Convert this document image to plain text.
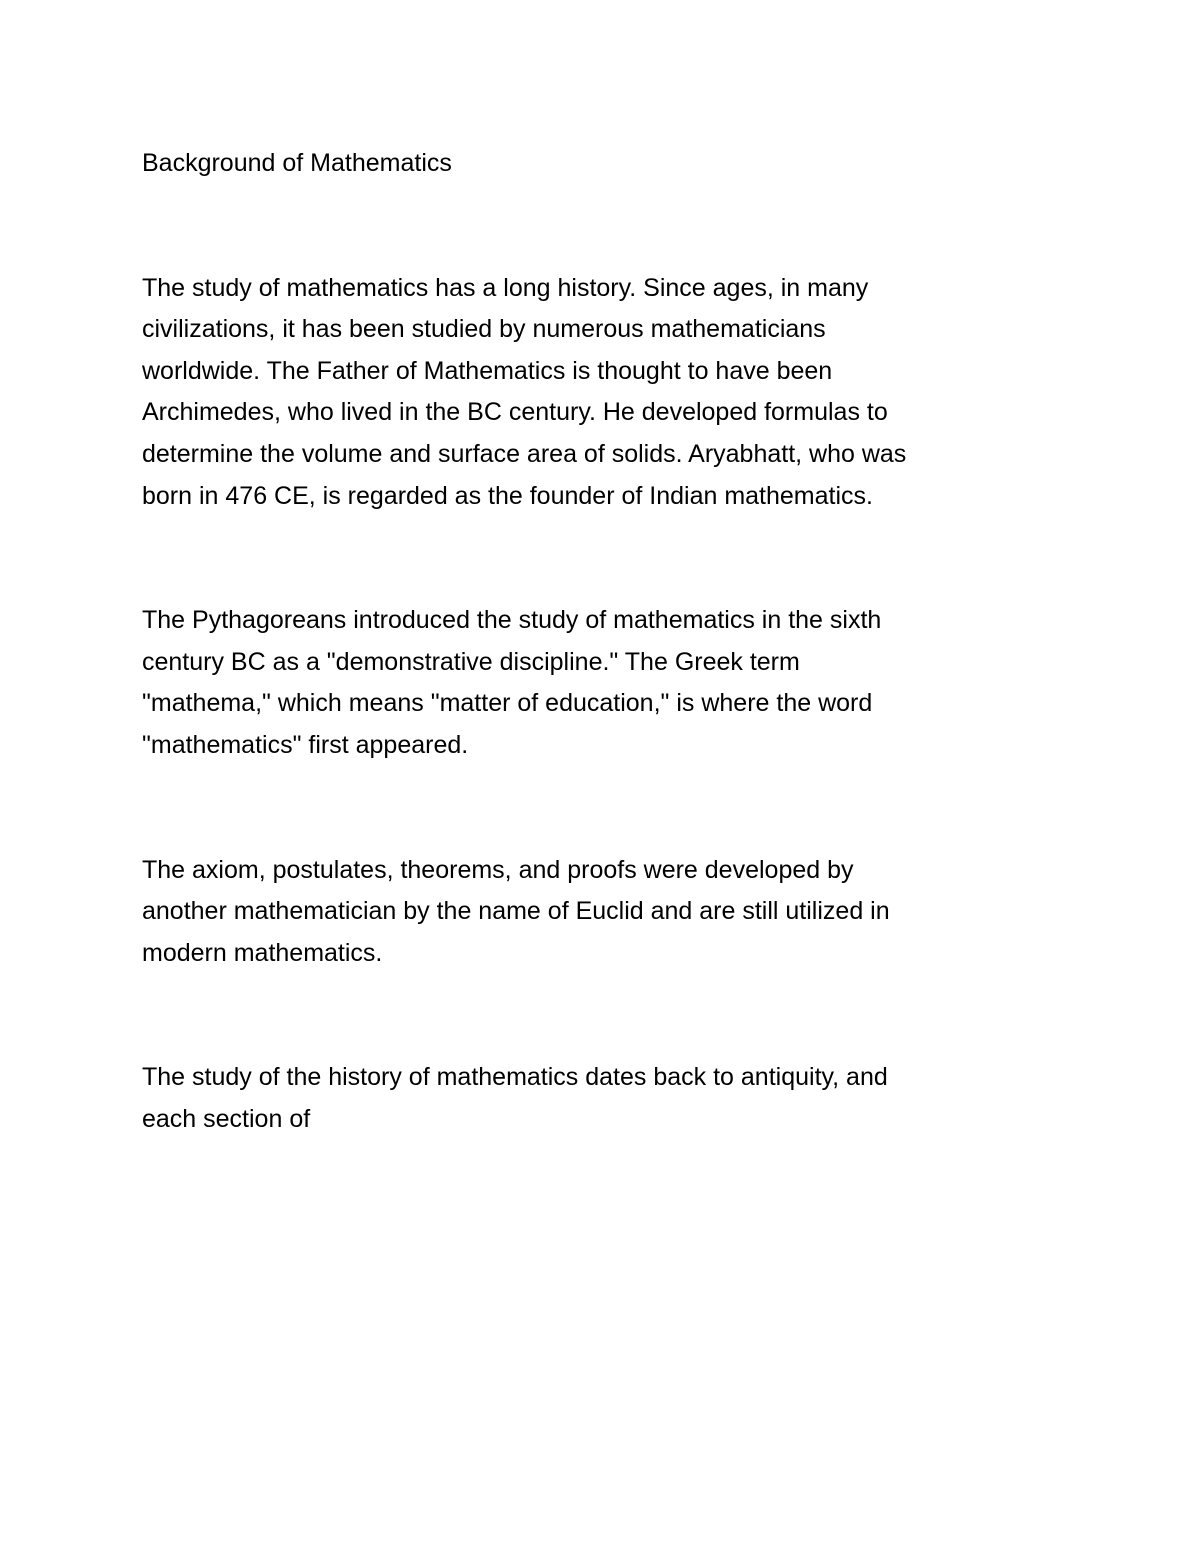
Background of Mathematics
The study of mathematics has a long history. Since ages, in many
civilizations, it has been studied by numerous mathematicians
worldwide. The Father of Mathematics is thought to have been
Archimedes, who lived in the BC century. He developed formulas to
determine the volume and surface area of solids. Aryabhatt, who was
born in 476 CE, is regarded as the founder of Indian mathematics.
The Pythagoreans introduced the study of mathematics in the sixth
century BC as a "demonstrative discipline." The Greek term
"mathema," which means "matter of education," is where the word
"mathematics" first appeared.
The axiom, postulates, theorems, and proofs were developed by
another mathematician by the name of Euclid and are still utilized in
modern mathematics.
The study of the history of mathematics dates back to antiquity, and
each section of
